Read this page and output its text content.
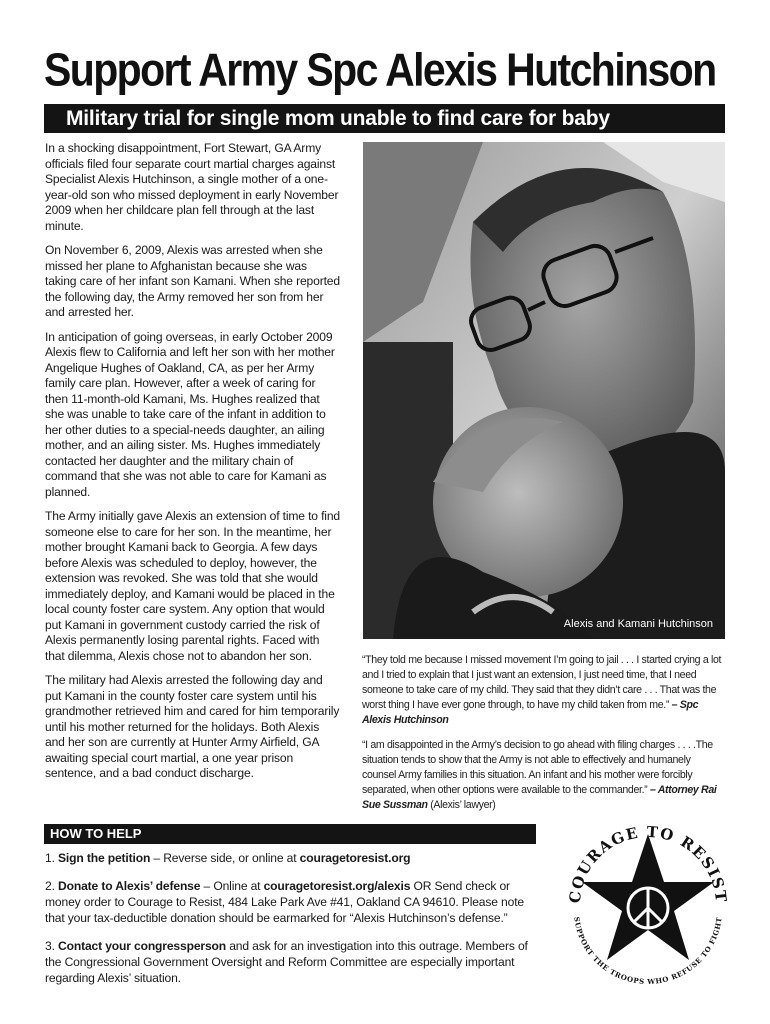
Support Army Spc Alexis Hutchinson
Military trial for single mom unable to find care for baby

In a shocking disappointment, Fort Stewart, GA Army officials filed four separate court martial charges against Specialist Alexis Hutchinson, a single mother of a one-year-old son who missed deployment in early November 2009 when her childcare plan fell through at the last minute.

On November 6, 2009, Alexis was arrested when she missed her plane to Afghanistan because she was taking care of her infant son Kamani. When she reported the following day, the Army removed her son from her and arrested her.

In anticipation of going overseas, in early October 2009 Alexis flew to California and left her son with her mother Angelique Hughes of Oakland, CA, as per her Army family care plan. However, after a week of caring for then 11-month-old Kamani, Ms. Hughes realized that she was unable to take care of the infant in addition to her other duties to a special-needs daughter, an ailing mother, and an ailing sister. Ms. Hughes immediately contacted her daughter and the military chain of command that she was not able to care for Kamani as planned.

The Army initially gave Alexis an extension of time to find someone else to care for her son. In the meantime, her mother brought Kamani back to Georgia. A few days before Alexis was scheduled to deploy, however, the extension was revoked. She was told that she would immediately deploy, and Kamani would be placed in the local county foster care system. Any option that would put Kamani in government custody carried the risk of Alexis permanently losing parental rights. Faced with that dilemma, Alexis chose not to abandon her son.

The military had Alexis arrested the following day and put Kamani in the county foster care system until his grandmother retrieved him and cared for him temporarily until his mother returned for the holidays. Both Alexis and her son are currently at Hunter Army Airfield, GA awaiting special court martial, a one year prison sentence, and a bad conduct discharge.

Alexis and Kamani Hutchinson

“They told me because I missed movement I’m going to jail . . . I started crying a lot and I tried to explain that I just want an extension, I just need time, that I need someone to take care of my child. They said that they didn’t care . . . That was the worst thing I have ever gone through, to have my child taken from me.” – Spc Alexis Hutchinson

“I am disappointed in the Army’s decision to go ahead with filing charges . . . .The situation tends to show that the Army is not able to effectively and humanely counsel Army families in this situation. An infant and his mother were forcibly separated, when other options were available to the commander.” – Attorney Rai Sue Sussman (Alexis’ lawyer)

HOW TO HELP

1. Sign the petition – Reverse side, or online at couragetoresist.org

2. Donate to Alexis’ defense – Online at couragetoresist.org/alexis OR Send check or money order to Courage to Resist, 484 Lake Park Ave #41, Oakland CA 94610. Please note that your tax-deductible donation should be earmarked for “Alexis Hutchinson’s defense.”

3. Contact your congressperson and ask for an investigation into this outrage. Members of the Congressional Government Oversight and Reform Committee are especially important regarding Alexis’ situation.

COURAGE TO RESIST
SUPPORT THE TROOPS WHO REFUSE TO FIGHT
